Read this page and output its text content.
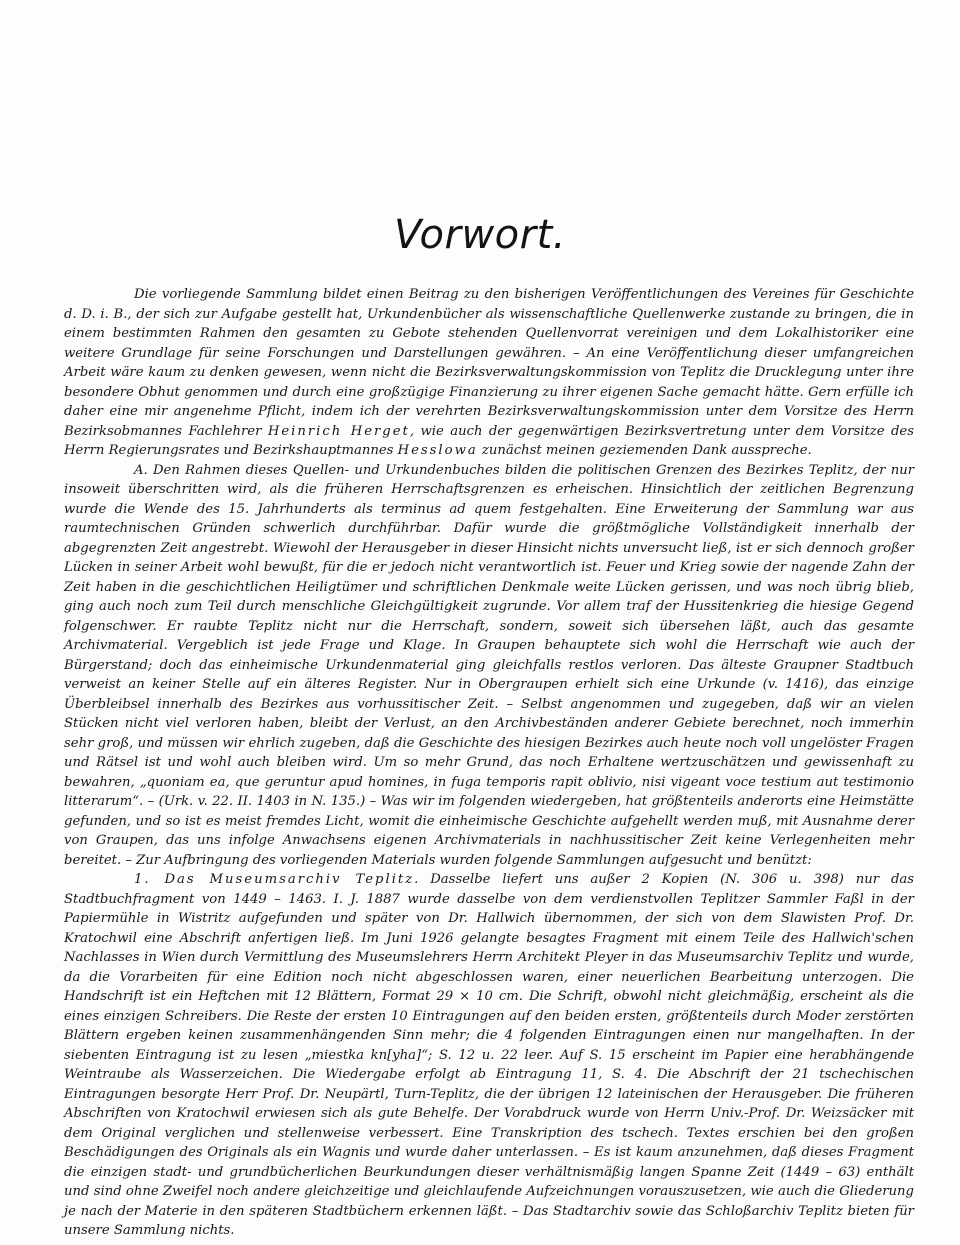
Vorwort.

Die vorliegende Sammlung bildet einen Beitrag zu den bisherigen Veröffentlichungen des Vereines für Geschichte d. D. i. B., der sich zur Aufgabe gestellt hat, Urkundenbücher als wissenschaftliche Quellenwerke zustande zu bringen, die in einem bestimmten Rahmen den gesamten zu Gebote stehenden Quellenvorrat vereinigen und dem Lokalhistoriker eine weitere Grundlage für seine Forschungen und Darstellungen gewähren. – An eine Veröffentlichung dieser umfangreichen Arbeit wäre kaum zu denken gewesen, wenn nicht die Bezirksverwaltungskommission von Teplitz die Drucklegung unter ihre besondere Obhut genommen und durch eine großzügige Finanzierung zu ihrer eigenen Sache gemacht hätte. Gern erfülle ich daher eine mir angenehme Pflicht, indem ich der verehrten Bezirksverwaltungskommission unter dem Vorsitze des Herrn Bezirksobmannes Fachlehrer Heinrich Herget, wie auch der gegenwärtigen Bezirksvertretung unter dem Vorsitze des Herrn Regierungsrates und Bezirkshauptmannes Hesslowa zunächst meinen geziemenden Dank ausspreche.

A. Den Rahmen dieses Quellen- und Urkundenbuches bilden die politischen Grenzen des Bezirkes Teplitz, der nur insoweit überschritten wird, als die früheren Herrschaftsgrenzen es erheischen. Hinsichtlich der zeitlichen Begrenzung wurde die Wende des 15. Jahrhunderts als terminus ad quem festgehalten. Eine Erweiterung der Sammlung war aus raumtechnischen Gründen schwerlich durchführbar. Dafür wurde die größtmögliche Vollständigkeit innerhalb der abgegrenzten Zeit angestrebt. Wiewohl der Herausgeber in dieser Hinsicht nichts unversucht ließ, ist er sich dennoch großer Lücken in seiner Arbeit wohl bewußt, für die er jedoch nicht verantwortlich ist. Feuer und Krieg sowie der nagende Zahn der Zeit haben in die geschichtlichen Heiligtümer und schriftlichen Denkmale weite Lücken gerissen, und was noch übrig blieb, ging auch noch zum Teil durch menschliche Gleichgültigkeit zugrunde. Vor allem traf der Hussitenkrieg die hiesige Gegend folgenschwer. Er raubte Teplitz nicht nur die Herrschaft, sondern, soweit sich übersehen läßt, auch das gesamte Archivmaterial. Vergeblich ist jede Frage und Klage. In Graupen behauptete sich wohl die Herrschaft wie auch der Bürgerstand; doch das einheimische Urkundenmaterial ging gleichfalls restlos verloren. Das älteste Graupner Stadtbuch verweist an keiner Stelle auf ein älteres Register. Nur in Obergraupen erhielt sich eine Urkunde (v. 1416), das einzige Überbleibsel innerhalb des Bezirkes aus vorhussitischer Zeit. – Selbst angenommen und zugegeben, daß wir an vielen Stücken nicht viel verloren haben, bleibt der Verlust, an den Archivbeständen anderer Gebiete berechnet, noch immerhin sehr groß, und müssen wir ehrlich zugeben, daß die Geschichte des hiesigen Bezirkes auch heute noch voll ungelöster Fragen und Rätsel ist und wohl auch bleiben wird. Um so mehr Grund, das noch Erhaltene wertzuschätzen und gewissenhaft zu bewahren, „quoniam ea, que geruntur apud homines, in fuga temporis rapit oblivio, nisi vigeant voce testium aut testimonio litterarum“. – (Urk. v. 22. II. 1403 in N. 135.) – Was wir im folgenden wiedergeben, hat größtenteils anderorts eine Heimstätte gefunden, und so ist es meist fremdes Licht, womit die einheimische Geschichte aufgehellt werden muß, mit Ausnahme derer von Graupen, das uns infolge Anwachsens eigenen Archivmaterials in nachhussitischer Zeit keine Verlegenheiten mehr bereitet. – Zur Aufbringung des vorliegenden Materials wurden folgende Sammlungen aufgesucht und benützt:

1. Das Museumsarchiv Teplitz. Dasselbe liefert uns außer 2 Kopien (N. 306 u. 398) nur das Stadtbuchfragment von 1449 – 1463. I. J. 1887 wurde dasselbe von dem verdienstvollen Teplitzer Sammler Faßl in der Papiermühle in Wistritz aufgefunden und später von Dr. Hallwich übernommen, der sich von dem Slawisten Prof. Dr. Kratochwil eine Abschrift anfertigen ließ. Im Juni 1926 gelangte besagtes Fragment mit einem Teile des Hallwich'schen Nachlasses in Wien durch Vermittlung des Museumslehrers Herrn Architekt Pleyer in das Museumsarchiv Teplitz und wurde, da die Vorarbeiten für eine Edition noch nicht abgeschlossen waren, einer neuerlichen Bearbeitung unterzogen. Die Handschrift ist ein Heftchen mit 12 Blättern, Format 29 × 10 cm. Die Schrift, obwohl nicht gleichmäßig, erscheint als die eines einzigen Schreibers. Die Reste der ersten 10 Eintragungen auf den beiden ersten, größtenteils durch Moder zerstörten Blättern ergeben keinen zusammenhängenden Sinn mehr; die 4 folgenden Eintragungen einen nur mangelhaften. In der siebenten Eintragung ist zu lesen „miestka kn[yha]“; S. 12 u. 22 leer. Auf S. 15 erscheint im Papier eine herabhängende Weintraube als Wasserzeichen. Die Wiedergabe erfolgt ab Eintragung 11, S. 4. Die Abschrift der 21 tschechischen Eintragungen besorgte Herr Prof. Dr. Neupärtl, Turn-Teplitz, die der übrigen 12 lateinischen der Herausgeber. Die früheren Abschriften von Kratochwil erwiesen sich als gute Behelfe. Der Vorabdruck wurde von Herrn Univ.-Prof. Dr. Weizsäcker mit dem Original verglichen und stellenweise verbessert. Eine Transkription des tschech. Textes erschien bei den großen Beschädigungen des Originals als ein Wagnis und wurde daher unterlassen. – Es ist kaum anzunehmen, daß dieses Fragment die einzigen stadt- und grundbücherlichen Beurkundungen dieser verhältnismäßig langen Spanne Zeit (1449 – 63) enthält und sind ohne Zweifel noch andere gleichzeitige und gleichlaufende Aufzeichnungen vorauszusetzen, wie auch die Gliederung je nach der Materie in den späteren Stadtbüchern erkennen läßt. – Das Stadtarchiv sowie das Schloßarchiv Teplitz bieten für unsere Sammlung nichts.
